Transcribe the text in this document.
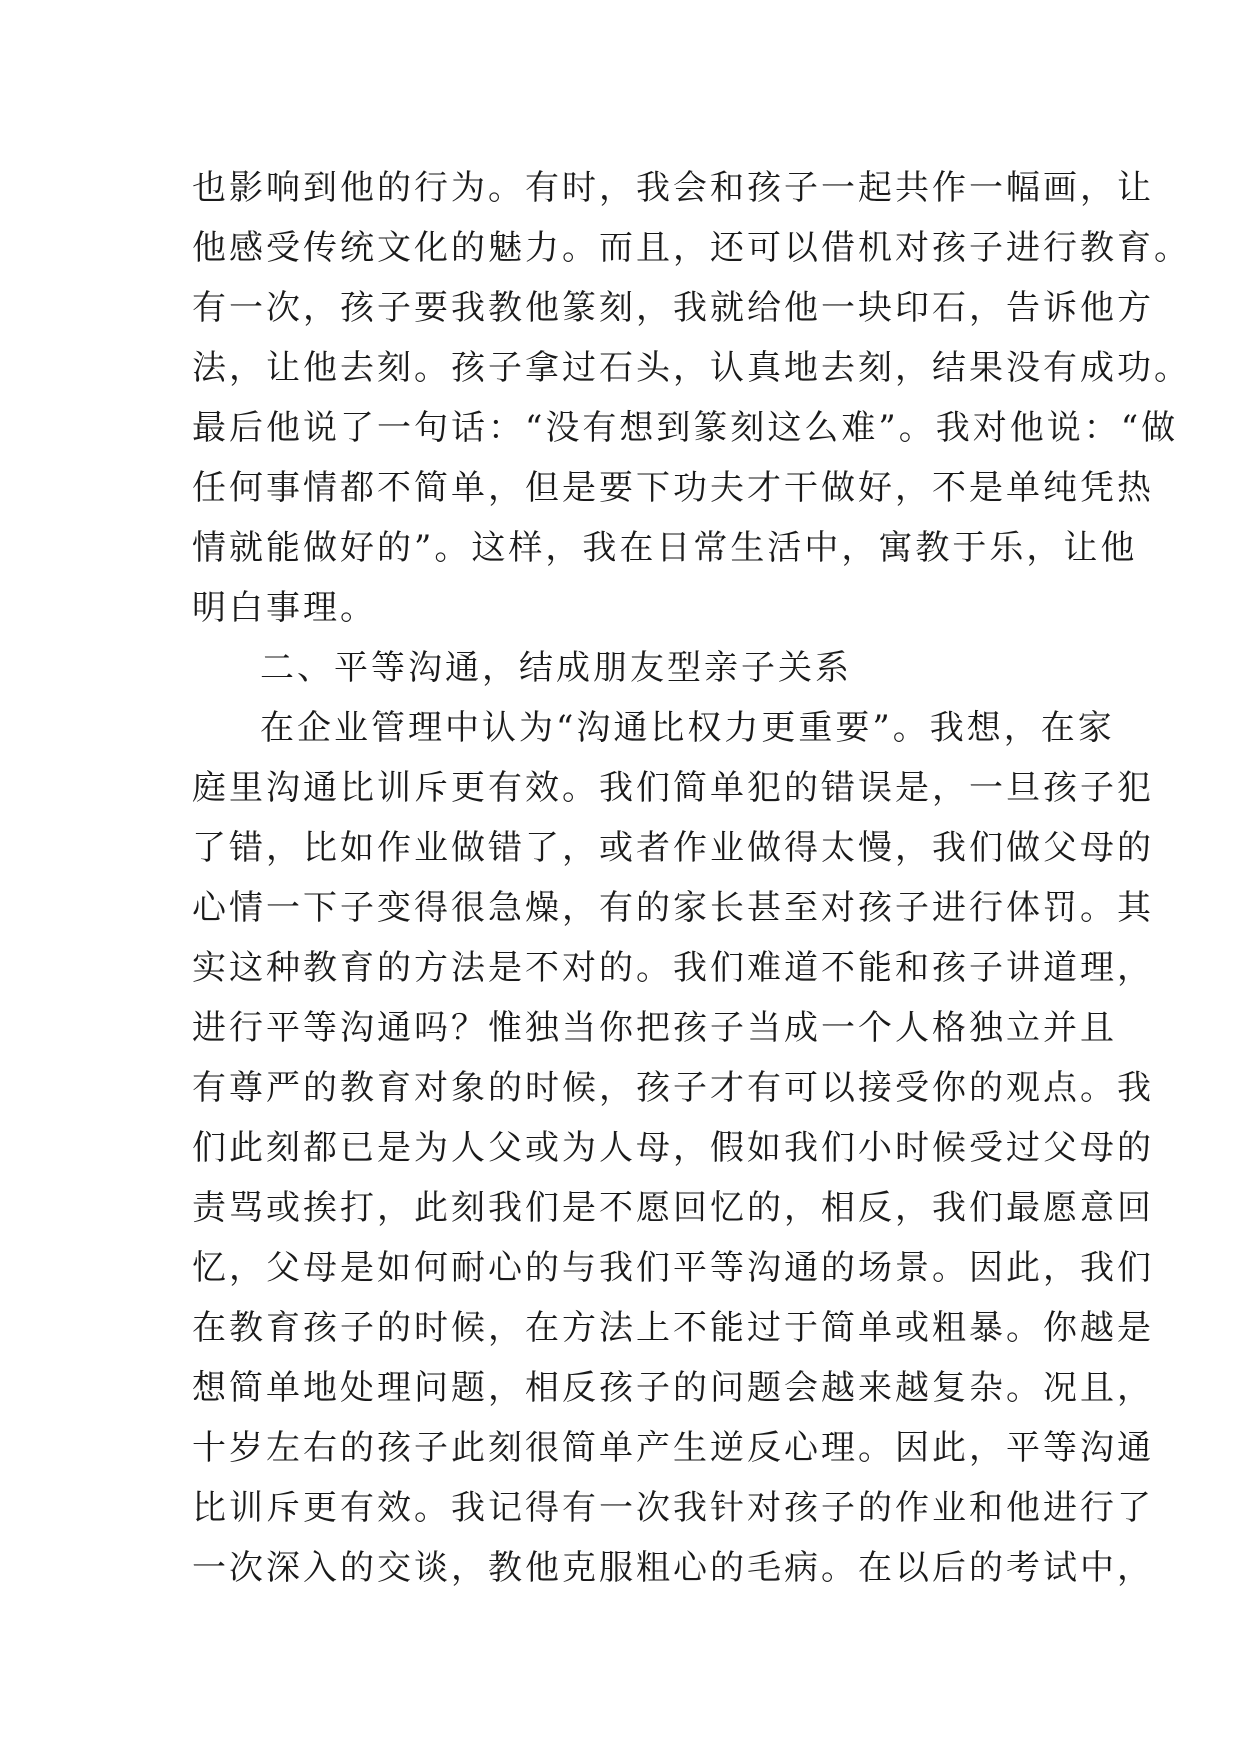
也影响到他的行为。有时，我会和孩子一起共作一幅画，让
他感受传统文化的魅力。而且，还可以借机对孩子进行教育。
有一次，孩子要我教他篆刻，我就给他一块印石，告诉他方
法，让他去刻。孩子拿过石头，认真地去刻，结果没有成功。
最后他说了一句话：“没有想到篆刻这么难”。我对他说：“做
任何事情都不简单，但是要下功夫才干做好，不是单纯凭热
情就能做好的”。这样，我在日常生活中，寓教于乐，让他
明白事理。
二、平等沟通，结成朋友型亲子关系
在企业管理中认为“沟通比权力更重要”。我想，在家
庭里沟通比训斥更有效。我们简单犯的错误是，一旦孩子犯
了错，比如作业做错了，或者作业做得太慢，我们做父母的
心情一下子变得很急燥，有的家长甚至对孩子进行体罚。其
实这种教育的方法是不对的。我们难道不能和孩子讲道理，
进行平等沟通吗？惟独当你把孩子当成一个人格独立并且
有尊严的教育对象的时候，孩子才有可以接受你的观点。我
们此刻都已是为人父或为人母，假如我们小时候受过父母的
责骂或挨打，此刻我们是不愿回忆的，相反，我们最愿意回
忆，父母是如何耐心的与我们平等沟通的场景。因此，我们
在教育孩子的时候，在方法上不能过于简单或粗暴。你越是
想简单地处理问题，相反孩子的问题会越来越复杂。况且，
十岁左右的孩子此刻很简单产生逆反心理。因此，平等沟通
比训斥更有效。我记得有一次我针对孩子的作业和他进行了
一次深入的交谈，教他克服粗心的毛病。在以后的考试中，
